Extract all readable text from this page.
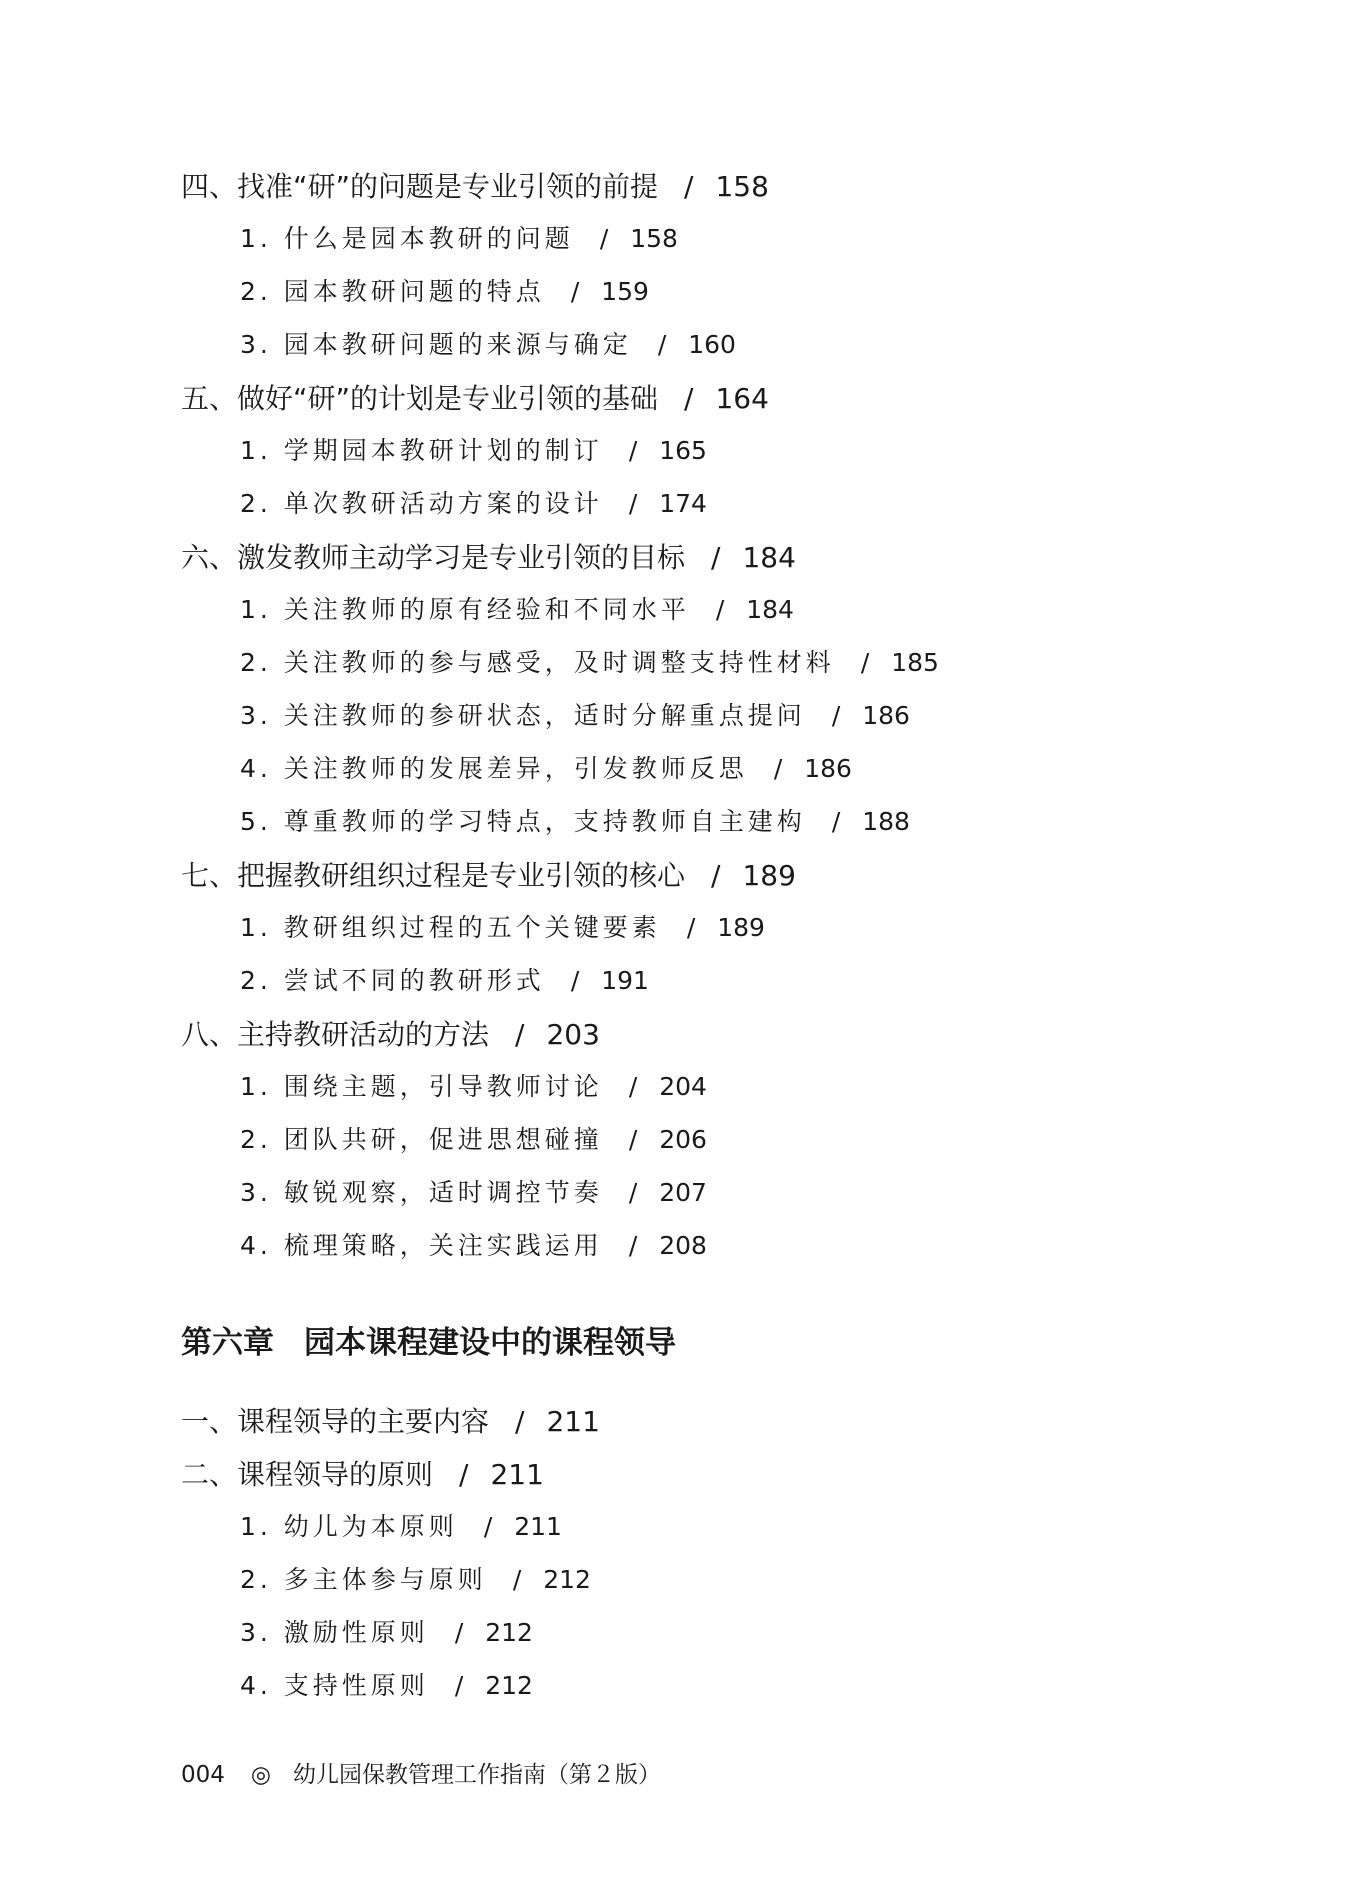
四、找准“研”的问题是专业引领的前提 / 158
1. 什么是园本教研的问题 / 158
2. 园本教研问题的特点 / 159
3. 园本教研问题的来源与确定 / 160
五、做好“研”的计划是专业引领的基础 / 164
1. 学期园本教研计划的制订 / 165
2. 单次教研活动方案的设计 / 174
六、激发教师主动学习是专业引领的目标 / 184
1. 关注教师的原有经验和不同水平 / 184
2. 关注教师的参与感受，及时调整支持性材料 / 185
3. 关注教师的参研状态，适时分解重点提问 / 186
4. 关注教师的发展差异，引发教师反思 / 186
5. 尊重教师的学习特点，支持教师自主建构 / 188
七、把握教研组织过程是专业引领的核心 / 189
1. 教研组织过程的五个关键要素 / 189
2. 尝试不同的教研形式 / 191
八、主持教研活动的方法 / 203
1. 围绕主题，引导教师讨论 / 204
2. 团队共研，促进思想碰撞 / 206
3. 敏锐观察，适时调控节奏 / 207
4. 梳理策略，关注实践运用 / 208
第六章 园本课程建设中的课程领导
一、课程领导的主要内容 / 211
二、课程领导的原则 / 211
1. 幼儿为本原则 / 211
2. 多主体参与原则 / 212
3. 激励性原则 / 212
4. 支持性原则 / 212
004 ◎ 幼儿园保教管理工作指南（第２版）
